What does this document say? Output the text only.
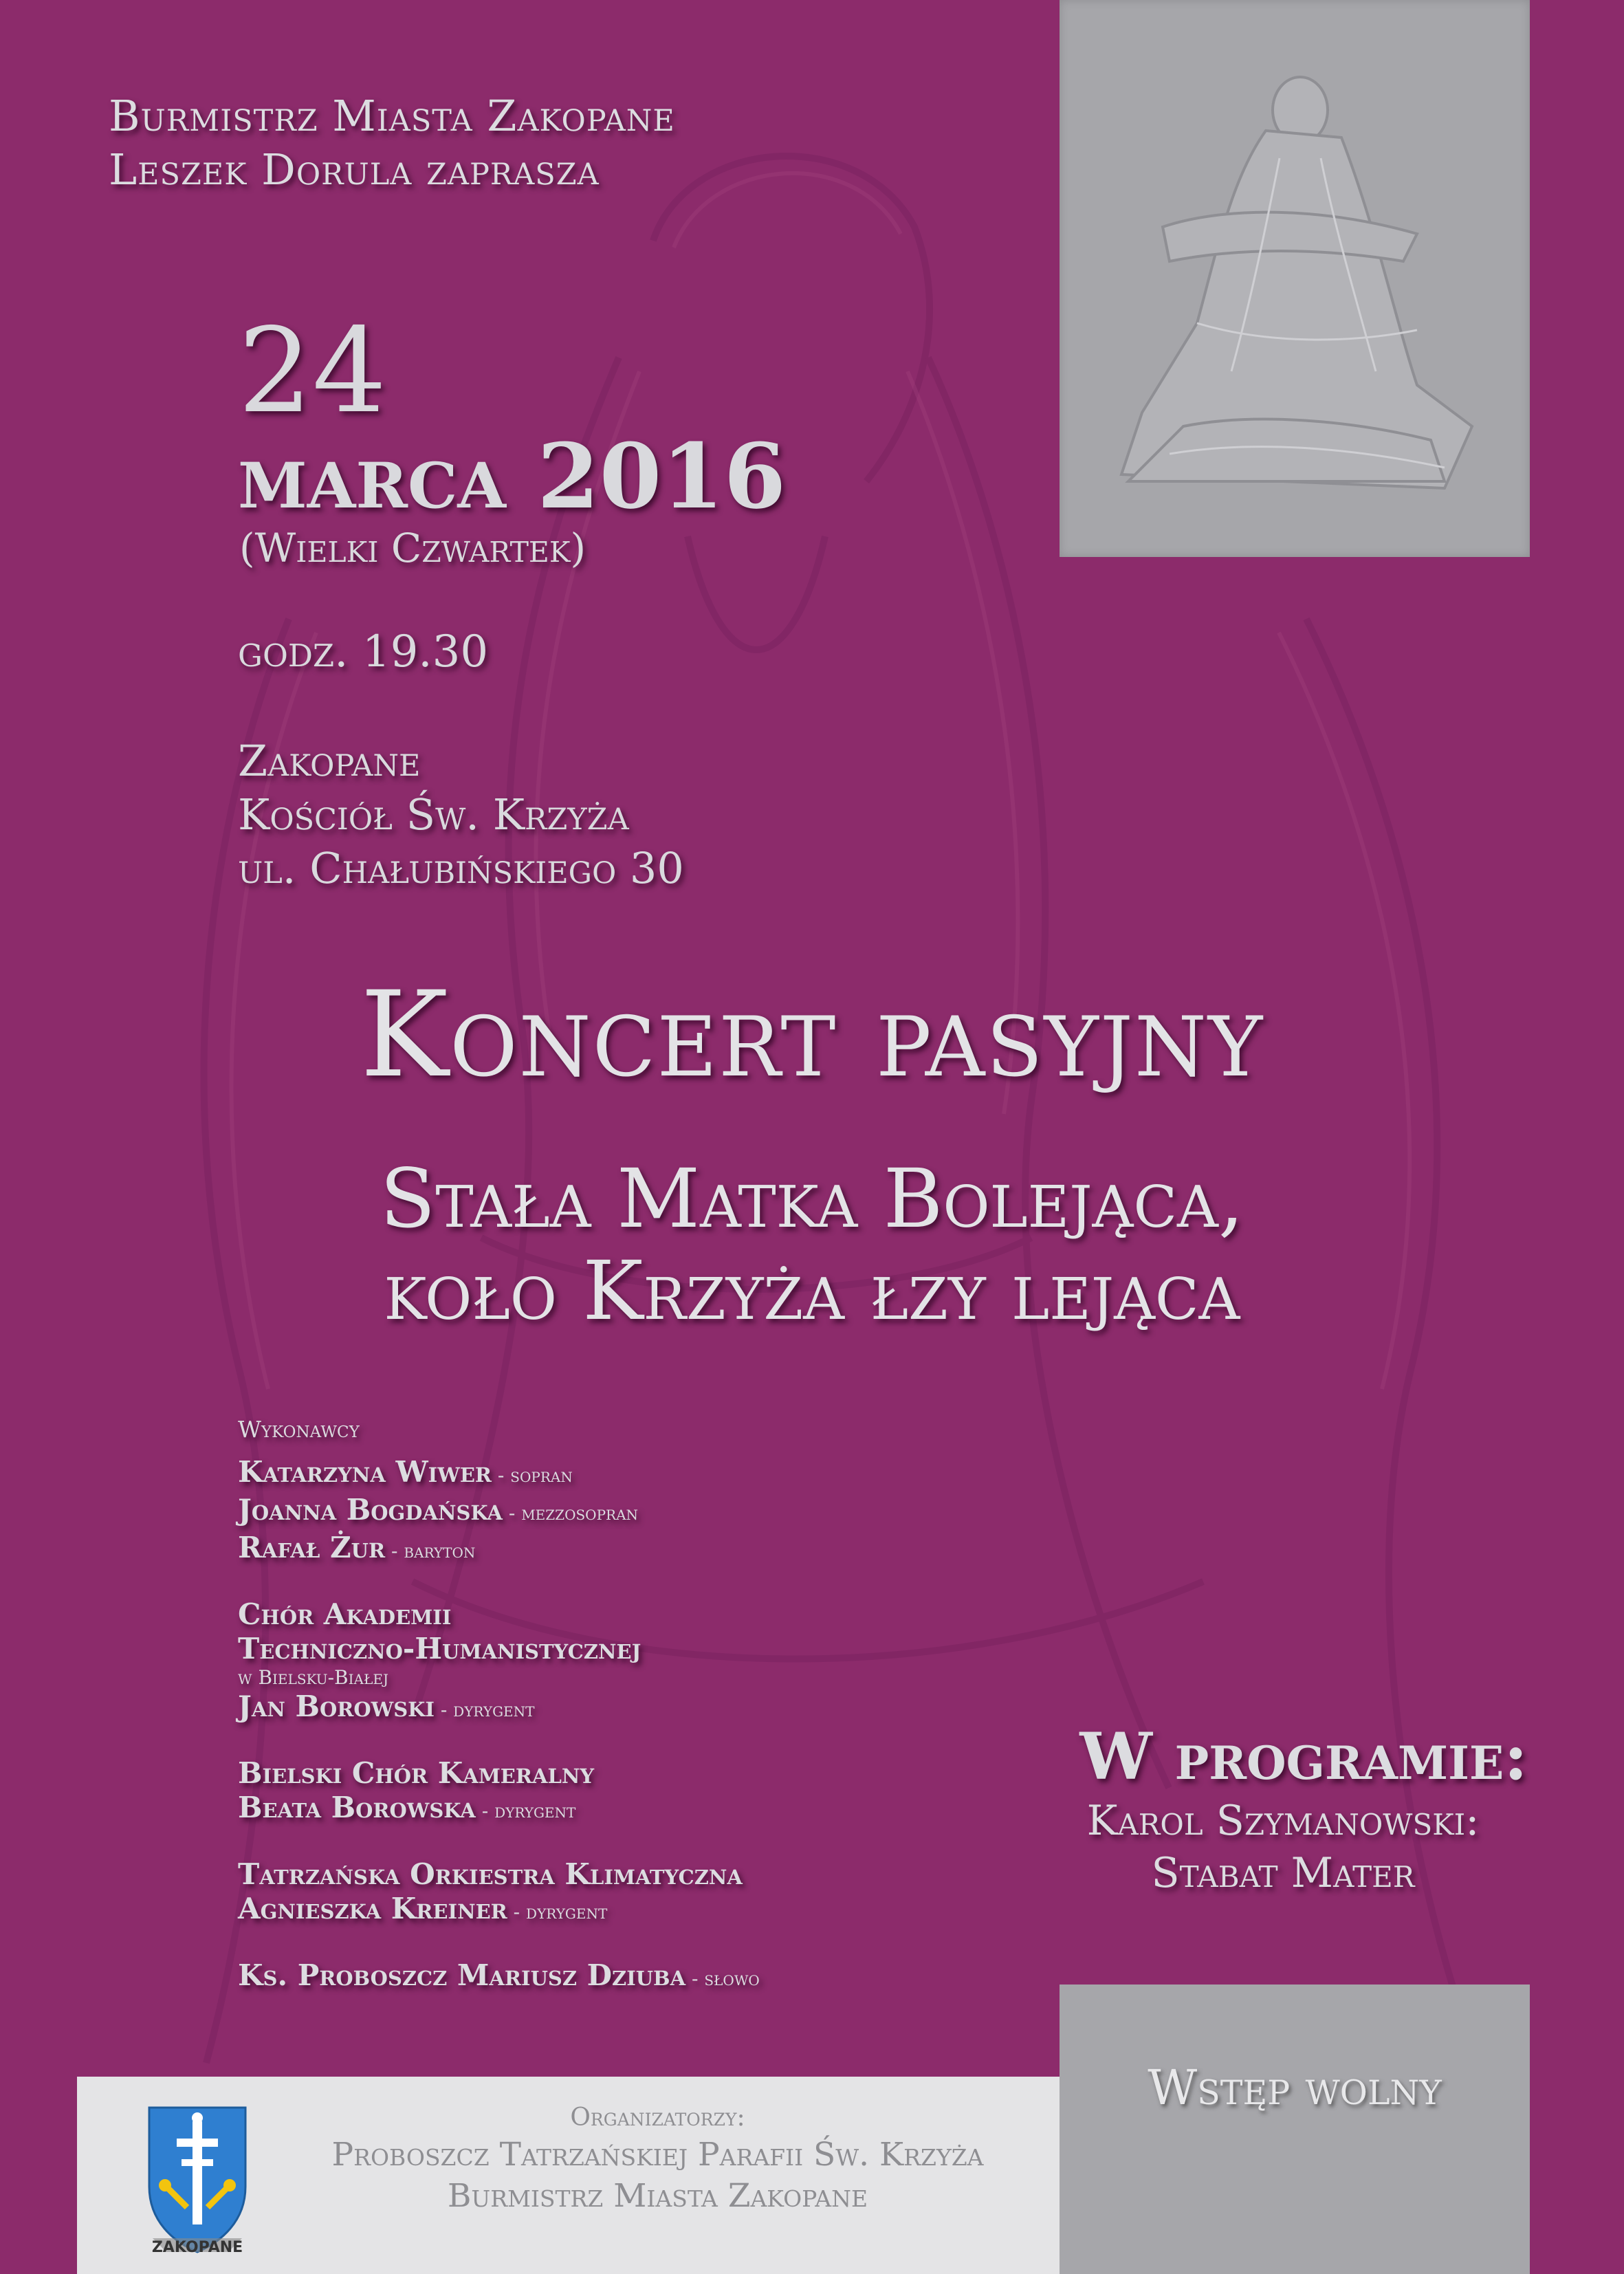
Burmistrz Miasta Zakopane
Leszek Dorula zaprasza
24
marca 2016
(Wielki Czwartek)
godz. 19.30
Zakopane
Kościół Św. Krzyża
ul. Chałubińskiego 30
Koncert pasyjny
Stała Matka Bolejąca,
koło Krzyża łzy lejąca
Wykonawcy
Katarzyna Wiwer - sopran
Joanna Bogdańska - mezzosopran
Rafał Żur - baryton
Chór Akademii
Techniczno-Humanistycznej
w Bielsku-Białej
Jan Borowski - dyrygent
Bielski Chór Kameralny
Beata Borowska - dyrygent
Tatrzańska Orkiestra Klimatyczna
Agnieszka Kreiner - dyrygent
Ks. Proboszcz Mariusz Dziuba - słowo
W programie:
Karol Szymanowski:
Stabat Mater
Wstęp wolny
ZAKOPANE
Organizatorzy:
Proboszcz Tatrzańskiej Parafii Św. Krzyża
Burmistrz Miasta Zakopane
